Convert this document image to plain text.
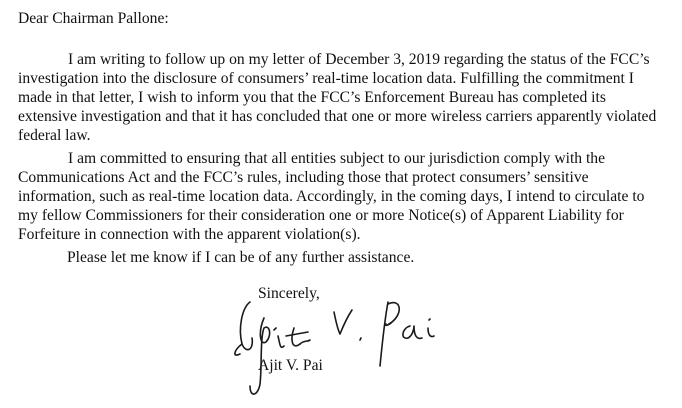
Dear Chairman Pallone:

I am writing to follow up on my letter of December 3, 2019 regarding the status of the FCC’s investigation into the disclosure of consumers’ real-time location data. Fulfilling the commitment I made in that letter, I wish to inform you that the FCC’s Enforcement Bureau has completed its extensive investigation and that it has concluded that one or more wireless carriers apparently violated federal law.

I am committed to ensuring that all entities subject to our jurisdiction comply with the Communications Act and the FCC’s rules, including those that protect consumers’ sensitive information, such as real-time location data. Accordingly, in the coming days, I intend to circulate to my fellow Commissioners for their consideration one or more Notice(s) of Apparent Liability for Forfeiture in connection with the apparent violation(s).

Please let me know if I can be of any further assistance.

Sincerely,

Ajit V. Pai
